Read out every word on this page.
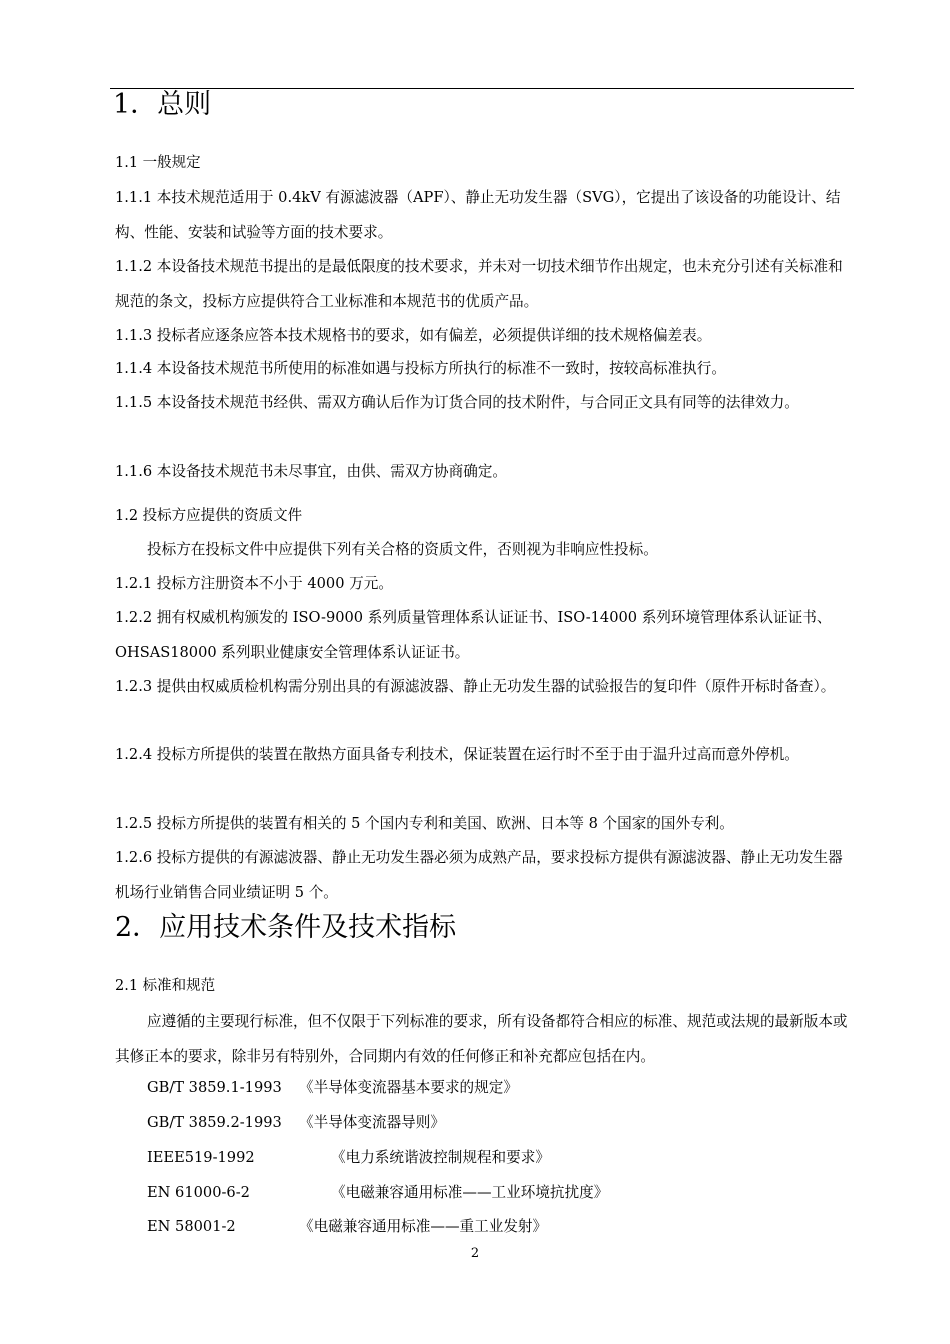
1．总则
1.1 一般规定
1.1.1 本技术规范适用于 0.4kV 有源滤波器（APF）、静止无功发生器（SVG），它提出了该设备的功能设计、结构、性能、安装和试验等方面的技术要求。
1.1.2 本设备技术规范书提出的是最低限度的技术要求，并未对一切技术细节作出规定，也未充分引述有关标准和规范的条文，投标方应提供符合工业标准和本规范书的优质产品。
1.1.3 投标者应逐条应答本技术规格书的要求，如有偏差，必须提供详细的技术规格偏差表。
1.1.4 本设备技术规范书所使用的标准如遇与投标方所执行的标准不一致时，按较高标准执行。
1.1.5 本设备技术规范书经供、需双方确认后作为订货合同的技术附件，与合同正文具有同等的法律效力。
1.1.6 本设备技术规范书未尽事宜，由供、需双方协商确定。
1.2 投标方应提供的资质文件
投标方在投标文件中应提供下列有关合格的资质文件，否则视为非响应性投标。
1.2.1 投标方注册资本不小于 4000 万元。
1.2.2 拥有权威机构颁发的 ISO-9000 系列质量管理体系认证证书、ISO-14000 系列环境管理体系认证证书、OHSAS18000 系列职业健康安全管理体系认证证书。
1.2.3 提供由权威质检机构需分别出具的有源滤波器、静止无功发生器的试验报告的复印件（原件开标时备查）。
1.2.4 投标方所提供的装置在散热方面具备专利技术，保证装置在运行时不至于由于温升过高而意外停机。
1.2.5 投标方所提供的装置有相关的 5 个国内专利和美国、欧洲、日本等 8 个国家的国外专利。
1.2.6 投标方提供的有源滤波器、静止无功发生器必须为成熟产品，要求投标方提供有源滤波器、静止无功发生器机场行业销售合同业绩证明 5 个。
2．应用技术条件及技术指标
2.1 标准和规范
应遵循的主要现行标准，但不仅限于下列标准的要求，所有设备都符合相应的标准、规范或法规的最新版本或其修正本的要求，除非另有特别外，合同期内有效的任何修正和补充都应包括在内。
GB/T 3859.1-1993 《半导体变流器基本要求的规定》
GB/T 3859.2-1993 《半导体变流器导则》
IEEE519-1992	《电力系统谐波控制规程和要求》
EN 61000-6-2	《电磁兼容通用标准——工业环境抗扰度》
EN 58001-2	《电磁兼容通用标准——重工业发射》
2
